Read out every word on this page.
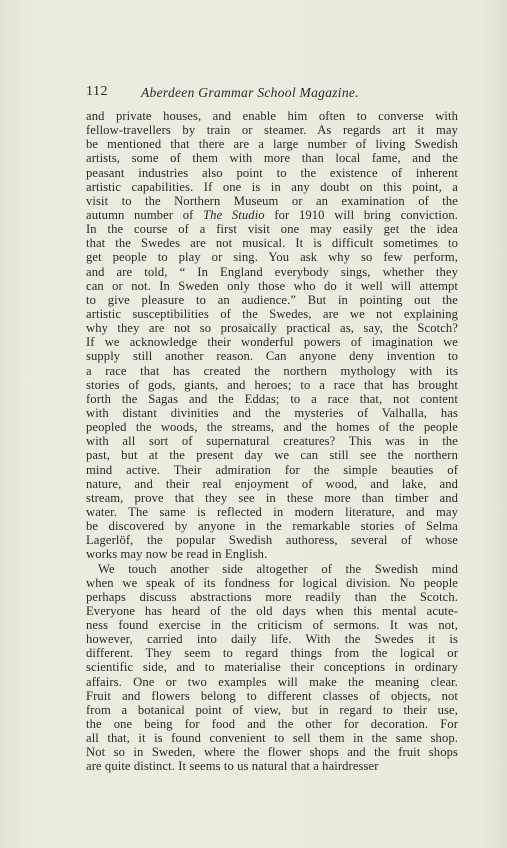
112 Aberdeen Grammar School Magazine.
and private houses, and enable him often to converse with
fellow-travellers by train or steamer. As regards art it may
be mentioned that there are a large number of living Swedish
artists, some of them with more than local fame, and the
peasant industries also point to the existence of inherent
artistic capabilities. If one is in any doubt on this point, a
visit to the Northern Museum or an examination of the
autumn number of The Studio for 1910 will bring conviction.
In the course of a first visit one may easily get the idea
that the Swedes are not musical. It is difficult sometimes to
get people to play or sing. You ask why so few perform,
and are told, “ In England everybody sings, whether they
can or not. In Sweden only those who do it well will attempt
to give pleasure to an audience.” But in pointing out the
artistic susceptibilities of the Swedes, are we not explaining
why they are not so prosaically practical as, say, the Scotch?
If we acknowledge their wonderful powers of imagination we
supply still another reason. Can anyone deny invention to
a race that has created the northern mythology with its
stories of gods, giants, and heroes; to a race that has brought
forth the Sagas and the Eddas; to a race that, not content
with distant divinities and the mysteries of Valhalla, has
peopled the woods, the streams, and the homes of the people
with all sort of supernatural creatures? This was in the
past, but at the present day we can still see the northern
mind active. Their admiration for the simple beauties of
nature, and their real enjoyment of wood, and lake, and
stream, prove that they see in these more than timber and
water. The same is reflected in modern literature, and may
be discovered by anyone in the remarkable stories of Selma
Lagerlöf, the popular Swedish authoress, several of whose
works may now be read in English.
We touch another side altogether of the Swedish mind
when we speak of its fondness for logical division. No people
perhaps discuss abstractions more readily than the Scotch.
Everyone has heard of the old days when this mental acute-
ness found exercise in the criticism of sermons. It was not,
however, carried into daily life. With the Swedes it is
different. They seem to regard things from the logical or
scientific side, and to materialise their conceptions in ordinary
affairs. One or two examples will make the meaning clear.
Fruit and flowers belong to different classes of objects, not
from a botanical point of view, but in regard to their use,
the one being for food and the other for decoration. For
all that, it is found convenient to sell them in the same shop.
Not so in Sweden, where the flower shops and the fruit shops
are quite distinct. It seems to us natural that a hairdresser
